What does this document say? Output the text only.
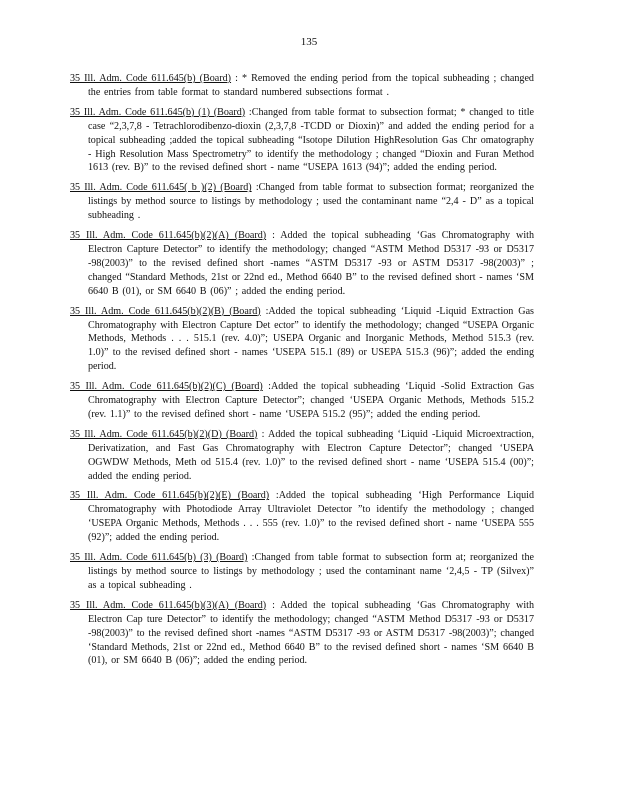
135

35 Ill. Adm. Code 611.645(b) (Board) : * Removed the ending period from the topical subheading ; changed the entries from table format to standard numbered subsections format .

35 Ill. Adm. Code 611.645(b) (1) (Board) :Changed from table format to subsection format; * changed to title case “2,3,7,8 - Tetrachlorodibenzo-dioxin (2,3,7,8 -TCDD or Dioxin)” and added the ending period for a topical subheading ;added the topical subheading “Isotope Dilution HighResolution Gas Chr omatography - High Resolution Mass Spectrometry” to identify the methodology ; changed “Dioxin and Furan Method 1613 (rev. B)” to the revised defined short - name “USEPA 1613 (94)”; added the ending period.

35 Ill. Adm. Code 611.645( b )(2) (Board) :Changed from table format to subsection format; reorganized the listings by method source to listings by methodology ; used the contaminant name “2,4 - D” as a topical subheading .

35 Ill. Adm. Code 611.645(b)(2)(A) (Board) : Added the topical subheading ‘Gas Chromatography with Electron Capture Detector” to identify the methodology; changed “ASTM Method D5317 -93 or D5317 -98(2003)” to the revised defined short -names “ASTM D5317 -93 or ASTM D5317 -98(2003)” ; changed “Standard Methods, 21st or 22nd ed., Method 6640 B” to the revised defined short - names ‘SM 6640 B (01), or SM 6640 B (06)” ; added the ending period.

35 Ill. Adm. Code 611.645(b)(2)(B) (Board) :Added the topical subheading ‘Liquid -Liquid Extraction Gas Chromatography with Electron Capture Det ector” to identify the methodology; changed “USEPA Organic Methods, Methods . . . 515.1 (rev. 4.0)”; USEPA Organic and Inorganic Methods, Method 515.3 (rev. 1.0)” to the revised defined short - names ‘USEPA 515.1 (89) or USEPA 515.3 (96)”; added the ending period.

35 Ill. Adm. Code 611.645(b)(2)(C) (Board) :Added the topical subheading ‘Liquid -Solid Extraction Gas Chromatography with Electron Capture Detector”; changed ‘USEPA Organic Methods, Methods 515.2 (rev. 1.1)” to the revised defined short - name ‘USEPA 515.2 (95)”; added the ending period.

35 Ill. Adm. Code 611.645(b)(2)(D) (Board) : Added the topical subheading ‘Liquid -Liquid Microextraction, Derivatization, and Fast Gas Chromatography with Electron Capture Detector”; changed ‘USEPA OGWDW Methods, Meth od 515.4 (rev. 1.0)” to the revised defined short - name ‘USEPA 515.4 (00)”; added the ending period.

35 Ill. Adm. Code 611.645(b)(2)(E) (Board) :Added the topical subheading ‘High Performance Liquid Chromatography with Photodiode Array Ultraviolet Detector ”to identify the methodology ; changed ‘USEPA Organic Methods, Methods . . . 555 (rev. 1.0)” to the revised defined short - name ‘USEPA 555 (92)”; added the ending period.

35 Ill. Adm. Code 611.645(b) (3) (Board) :Changed from table format to subsection form at; reorganized the listings by method source to listings by methodology ; used the contaminant name ‘2,4,5 - TP (Silvex)” as a topical subheading .

35 Ill. Adm. Code 611.645(b)(3)(A) (Board) : Added the topical subheading ‘Gas Chromatography with Electron Cap ture Detector” to identify the methodology; changed “ASTM Method D5317 -93 or D5317 -98(2003)” to the revised defined short -names “ASTM D5317 -93 or ASTM D5317 -98(2003)”; changed ‘Standard Methods, 21st or 22nd ed., Method 6640 B” to the revised defined short - names ‘SM 6640 B (01), or SM 6640 B (06)”; added the ending period.
